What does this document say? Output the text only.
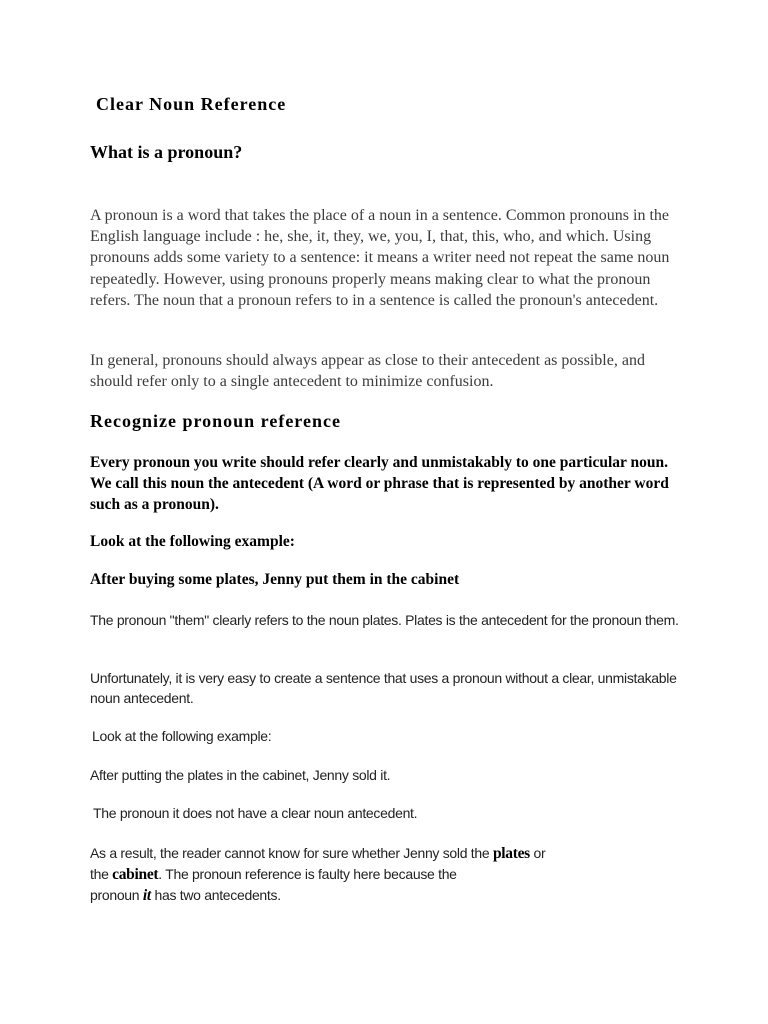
Clear Noun Reference
What is a pronoun?

A pronoun is a word that takes the place of a noun in a sentence. Common pronouns in the English language include : he, she, it, they, we, you, I, that, this, who, and which. Using pronouns adds some variety to a sentence: it means a writer need not repeat the same noun repeatedly. However, using pronouns properly means making clear to what the pronoun refers. The noun that a pronoun refers to in a sentence is called the pronoun's antecedent.

In general, pronouns should always appear as close to their antecedent as possible, and should refer only to a single antecedent to minimize confusion.

Recognize pronoun reference

Every pronoun you write should refer clearly and unmistakably to one particular noun. We call this noun the antecedent (A word or phrase that is represented by another word such as a pronoun).

Look at the following example:

After buying some plates, Jenny put them in the cabinet

The pronoun "them" clearly refers to the noun plates. Plates is the antecedent for the pronoun them.

Unfortunately, it is very easy to create a sentence that uses a pronoun without a clear, unmistakable noun antecedent.

Look at the following example:

After putting the plates in the cabinet, Jenny sold it.

The pronoun it does not have a clear noun antecedent.

As a result, the reader cannot know for sure whether Jenny sold the plates or
the cabinet. The pronoun reference is faulty here because the
pronoun it has two antecedents.
